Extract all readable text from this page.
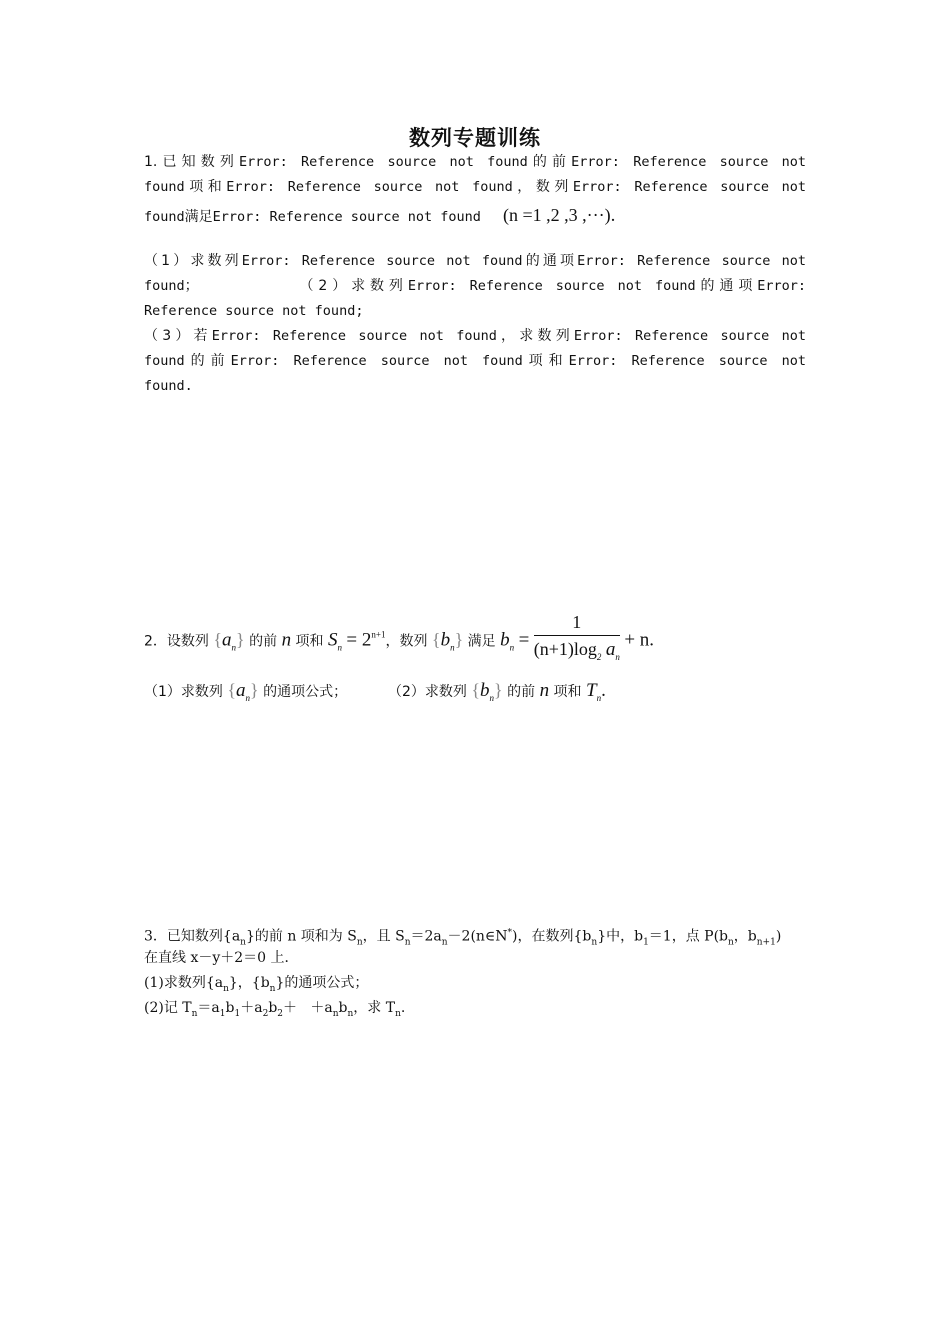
数列专题训练
1.已知数列Error: Reference source not found的前Error: Reference source not
found项和Error: Reference source not found，数列Error: Reference source not
found满足Error: Reference source not found (n =1 ,2 ,3 ,···).
（1）求数列Error: Reference source not found的通项Error: Reference source not
found；	（2）求数列Error: Reference source not found的通项Error:
Reference source not found;
（3）若Error: Reference source not found，求数列Error: Reference source not
found的前Error: Reference source not found项和Error: Reference source not
found.
2．设数列 $\{a_n\}$ 的前 n 项和 $S_n = 2^{n+1}$，数列 $\{b_n\}$ 满足 $b_n = \frac{1}{(n+1)\log_2 a_n} + n$.
（1）求数列 $\{a_n\}$ 的通项公式；	（2）求数列 $\{b_n\}$ 的前 n 项和 $T_n$.
3．已知数列$\{a_n\}$的前 n 项和为 $S_n$，且 $S_n=2a_n-2(n\in N^*)$，在数列$\{b_n\}$中，$b_1=1$，点 $P(b_n$，$b_{n+1}$)
在直线 x－y＋2＝0 上．
(1)求数列$\{a_n\}$，$\{b_n\}$的通项公式；
(2)记 $T_n=a_1b_1+a_2b_2+ +a_nb_n$，求 $T_n$.
